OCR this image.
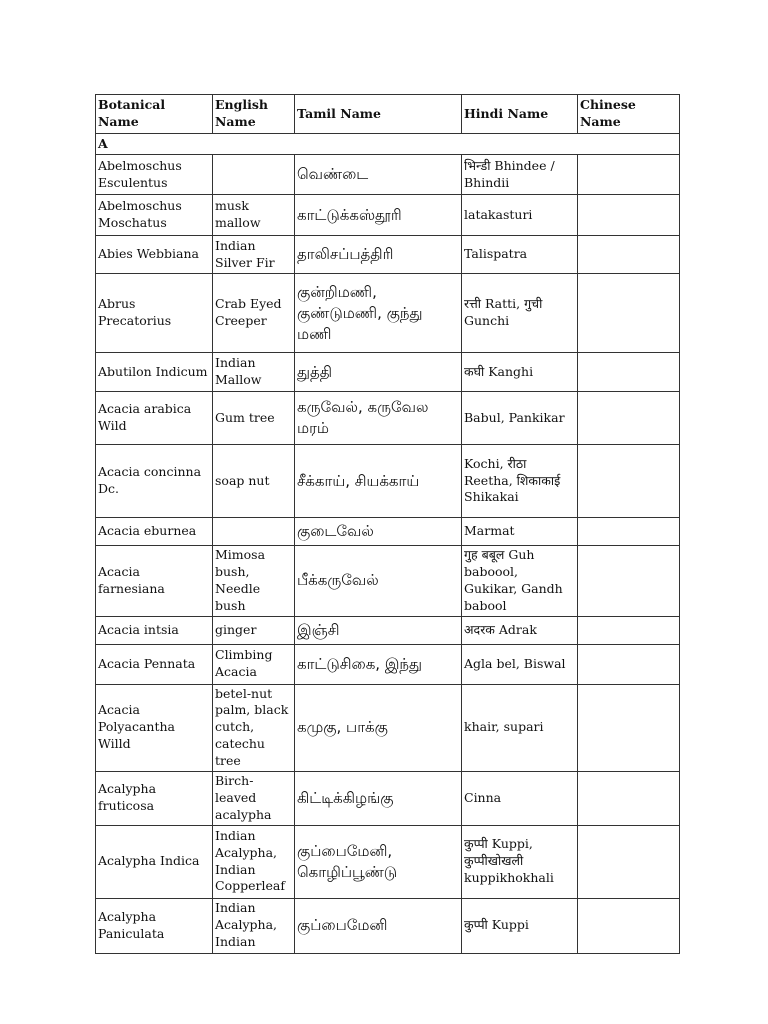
Botanical Name	English Name	Tamil Name	Hindi Name	Chinese Name
A				
Abelmoschus Esculentus		வெண்டை	भिन्डी Bhindee / Bhindii	
Abelmoschus Moschatus	musk mallow	காட்டுக்கஸ்தூரி	latakasturi	
Abies Webbiana	Indian Silver Fir	தாலிசப்பத்திரி	Talispatra	
Abrus Precatorius	Crab Eyed Creeper	குன்றிமணி, குண்டுமணி, குந்து மணி	रत्ती Ratti, गुची Gunchi	
Abutilon Indicum	Indian Mallow	துத்தி	कघी Kanghi	
Acacia arabica Wild	Gum tree	கருவேல், கருவேல மரம்	Babul, Pankikar	
Acacia concinna Dc.	soap nut	சீக்காய், சியக்காய்	Kochi, रीठा Reetha, शिकाकाई Shikakai	
Acacia eburnea		குடைவேல்	Marmat	
Acacia farnesiana	Mimosa bush, Needle bush	பீக்கருவேல்	गुह बबूल Guh baboool, Gukikar, Gandh babool	
Acacia intsia	ginger	இஞ்சி	अदरक Adrak	
Acacia Pennata	Climbing Acacia	காட்டுசிகை, இந்து	Agla bel, Biswal	
Acacia Polyacantha Willd	betel-nut palm, black cutch, catechu tree	கமுகு, பாக்கு	khair, supari	
Acalypha fruticosa	Birch-leaved acalypha	கிட்டிக்கிழங்கு	Cinna	
Acalypha Indica	Indian Acalypha, Indian Copperleaf	குப்பைமேனி, கொழிப்பூண்டு	कुप्पी Kuppi, कुप्पीखोखली kuppikhokhali	
Acalypha Paniculata	Indian Acalypha, Indian	குப்பைமேனி	कुप्पी Kuppi	
